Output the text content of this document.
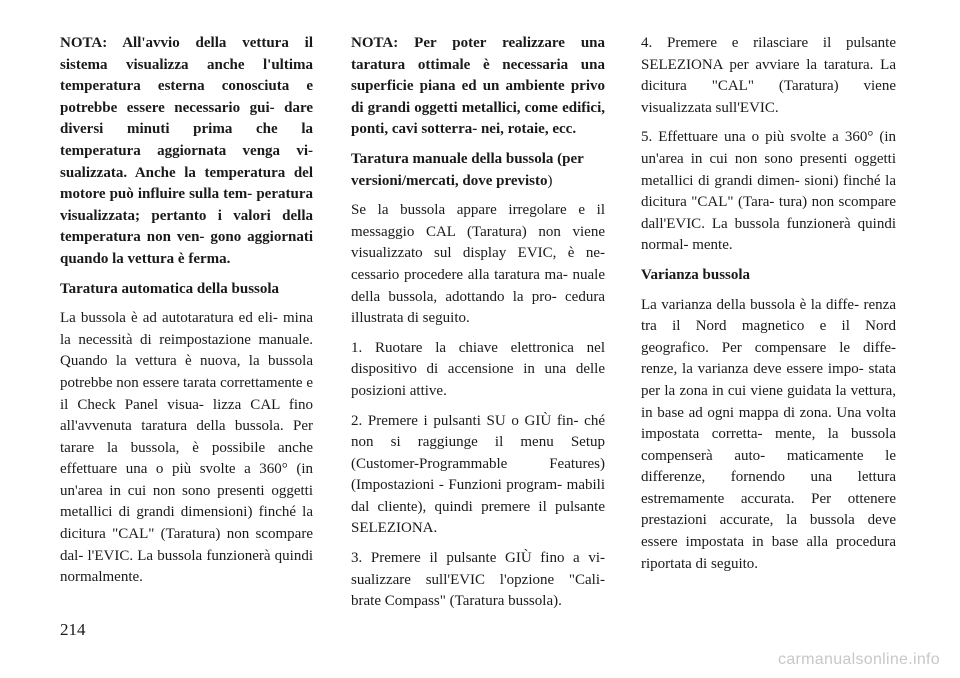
NOTA: All'avvio della vettura il sistema visualizza anche l'ultima temperatura esterna conosciuta e potrebbe essere necessario gui- dare diversi minuti prima che la temperatura aggiornata venga vi- sualizzata. Anche la temperatura del motore può influire sulla tem- peratura visualizzata; pertanto i valori della temperatura non ven- gono aggiornati quando la vettura è ferma.

Taratura automatica della bussola

La bussola è ad autotaratura ed eli- mina la necessità di reimpostazione manuale. Quando la vettura è nuova, la bussola potrebbe non essere tarata correttamente e il Check Panel visua- lizza CAL fino all'avvenuta taratura della bussola. Per tarare la bussola, è possibile anche effettuare una o più svolte a 360° (in un'area in cui non sono presenti oggetti metallici di grandi dimensioni) finché la dicitura "CAL" (Taratura) non scompare dal- l'EVIC. La bussola funzionerà quindi normalmente.

NOTA: Per poter realizzare una taratura ottimale è necessaria una superficie piana ed un ambiente privo di grandi oggetti metallici, come edifici, ponti, cavi sotterra- nei, rotaie, ecc.

Taratura manuale della bussola (per versioni/mercati, dove previsto)

Se la bussola appare irregolare e il messaggio CAL (Taratura) non viene visualizzato sul display EVIC, è ne- cessario procedere alla taratura ma- nuale della bussola, adottando la pro- cedura illustrata di seguito.

1. Ruotare la chiave elettronica nel dispositivo di accensione in una delle posizioni attive.

2. Premere i pulsanti SU o GIÙ fin- ché non si raggiunge il menu Setup (Customer-Programmable Features) (Impostazioni - Funzioni program- mabili dal cliente), quindi premere il pulsante SELEZIONA.

3. Premere il pulsante GIÙ fino a vi- sualizzare sull'EVIC l'opzione "Cali- brate Compass" (Taratura bussola).

4. Premere e rilasciare il pulsante SELEZIONA per avviare la taratura. La dicitura "CAL" (Taratura) viene visualizzata sull'EVIC.

5. Effettuare una o più svolte a 360° (in un'area in cui non sono presenti oggetti metallici di grandi dimen- sioni) finché la dicitura "CAL" (Tara- tura) non scompare dall'EVIC. La bussola funzionerà quindi normal- mente.

Varianza bussola

La varianza della bussola è la diffe- renza tra il Nord magnetico e il Nord geografico. Per compensare le diffe- renze, la varianza deve essere impo- stata per la zona in cui viene guidata la vettura, in base ad ogni mappa di zona. Una volta impostata corretta- mente, la bussola compenserà auto- maticamente le differenze, fornendo una lettura estremamente accurata. Per ottenere prestazioni accurate, la bussola deve essere impostata in base alla procedura riportata di seguito.

214
carmanualsonline.info
